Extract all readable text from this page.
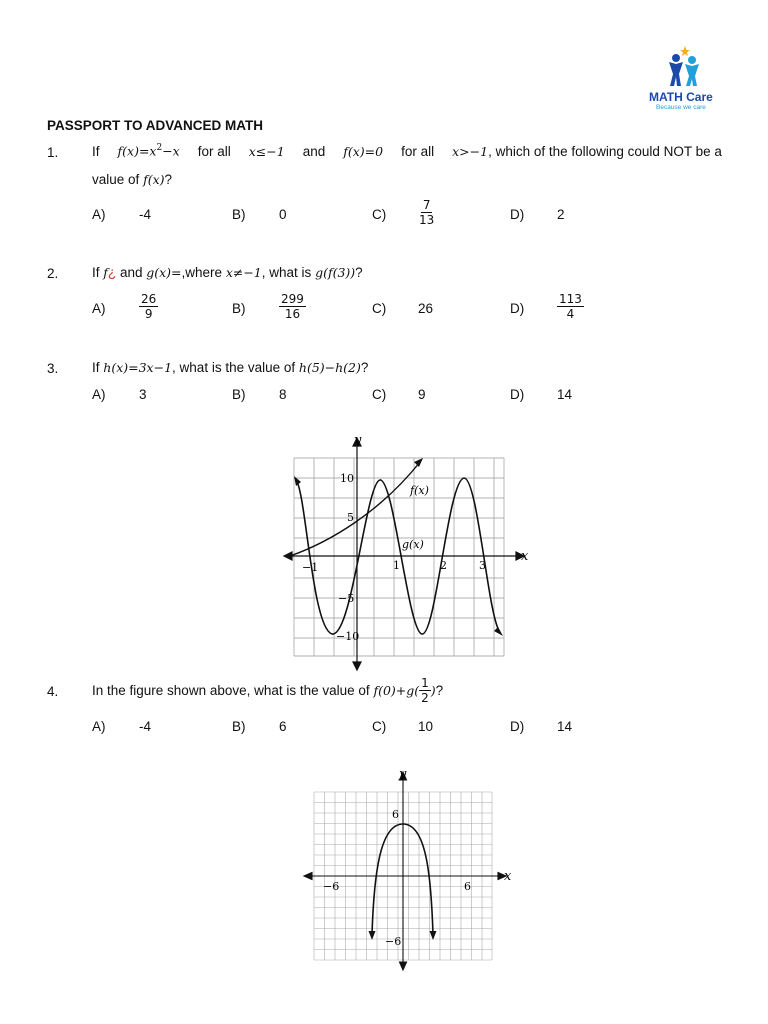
MATH Care
Because we care
PASSPORT TO ADVANCED MATH
1. If $f(x)=x^2-x$ for all x≤−1 and f(x)=0 for all x>−1, which of the following could NOT be a
value of f(x)?
A) -4	B) 0	C)	$\frac{7}{13}$	D) 2
2. If f¿ and g(x)=,where x≠−1, what is g(f(3))?
A)	$\frac{26}{9}$	B)	$\frac{299}{16}$	C) 26	D)	$\frac{113}{4}$
3. If h(x)=3x−1, what is the value of h(5)−h(2)?
A) 3	B) 8	C) 9	D) 14
x
y
10
5
−5
−10
−1	1	2	3
f(x)
g(x)
4. In the figure shown above, what is the value of
$f(0)+g( \frac{1}{2}$ ) ?
A) -4	B) 6	C) 10	D) 14
x
y
6
−6
−6	6
